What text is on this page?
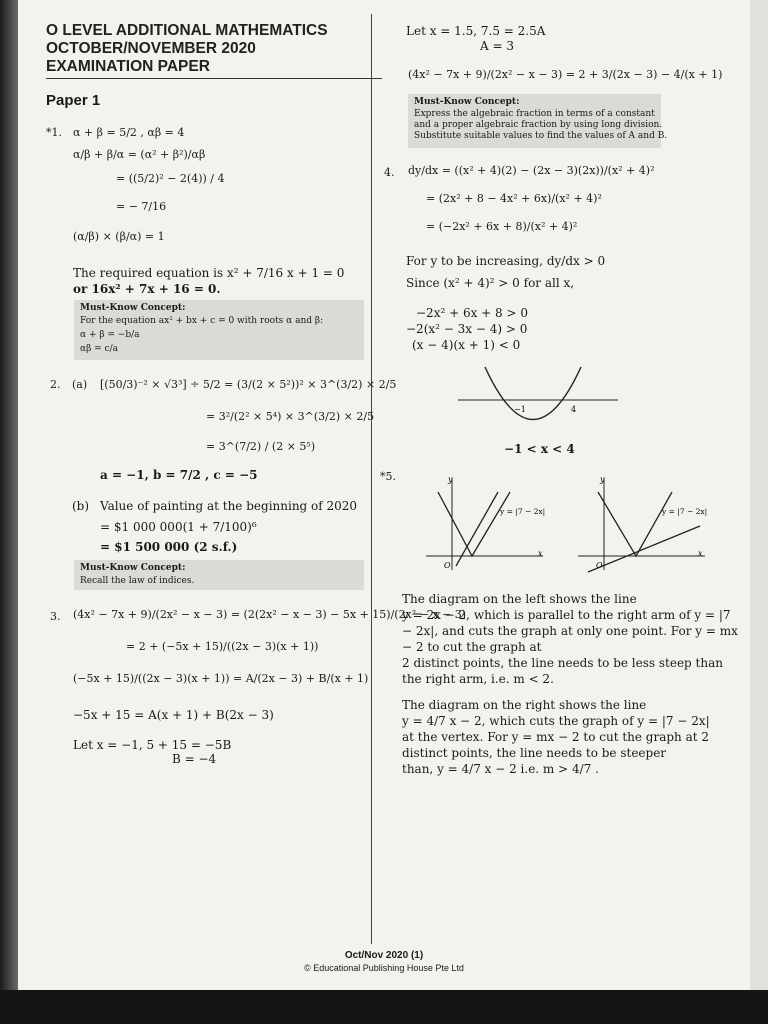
O LEVEL ADDITIONAL MATHEMATICS
OCTOBER/NOVEMBER 2020
EXAMINATION PAPER
Paper 1
*1. α + β = 5/2 , αβ = 4
α/β + β/α = (α² + β²)/αβ
= ((5/2)² − 2(4)) / 4
= − 7/16
(α/β) × (β/α) = 1
The required equation is x² + 7/16 x + 1 = 0
or 16x² + 7x + 16 = 0.
Must-Know Concept:
For the equation ax² + bx + c = 0 with roots α and β:
α + β = −b/a
αβ = c/a
2. (a) [(50/3)⁻² × √3³] ÷ 5/2 = (3/(2 × 5²))² × 3^(3/2) × 2/5
= 3²/(2² × 5⁴) × 3^(3/2) × 2/5
= 3^(7/2) / (2 × 5⁵)
a = −1, b = 7/2 , c = −5
(b) Value of painting at the beginning of 2020
= $1 000 000(1 + 7/100)⁶
= $1 500 000 (2 s.f.)
Must-Know Concept:
Recall the law of indices.
3. (4x² − 7x + 9)/(2x² − x − 3) = (2(2x² − x − 3) − 5x + 15)/(2x² − x − 3)
= 2 + (−5x + 15)/((2x − 3)(x + 1))
(−5x + 15)/((2x − 3)(x + 1)) = A/(2x − 3) + B/(x + 1)
−5x + 15 = A(x + 1) + B(2x − 3)
Let x = −1, 5 + 15 = −5B
B = −4
Let x = 1.5, 7.5 = 2.5A
A = 3
(4x² − 7x + 9)/(2x² − x − 3) = 2 + 3/(2x − 3) − 4/(x + 1)
Must-Know Concept:
Express the algebraic fraction in terms of a constant
and a proper algebraic fraction by using long division.
Substitute suitable values to find the values of A and B.
4. dy/dx = ((x² + 4)(2) − (2x − 3)(2x))/(x² + 4)²
= (2x² + 8 − 4x² + 6x)/(x² + 4)²
= (−2x² + 6x + 8)/(x² + 4)²
For y to be increasing, dy/dx > 0
Since (x² + 4)² > 0 for all x,
−2x² + 6x + 8 > 0
−2(x² − 3x − 4) > 0
(x − 4)(x + 1) < 0
−1	4
−1 < x < 4
*5.	y
x
O
y = |7 − 2x|
y
x
O
y = |7 − 2x|
The diagram on the left shows the line
y = 2x − 2, which is parallel to the right arm of y = |7
− 2x|, and cuts the graph at only one point. For y = mx
− 2 to cut the graph at
2 distinct points, the line needs to be less steep than
the right arm, i.e. m < 2.
The diagram on the right shows the line
y = 4/7 x − 2, which cuts the graph of y = |7 − 2x|
at the vertex. For y = mx − 2 to cut the graph at 2
distinct points, the line needs to be steeper
than, y = 4/7 x − 2 i.e. m > 4/7 .
Oct/Nov 2020 (1)
© Educational Publishing House Pte Ltd
